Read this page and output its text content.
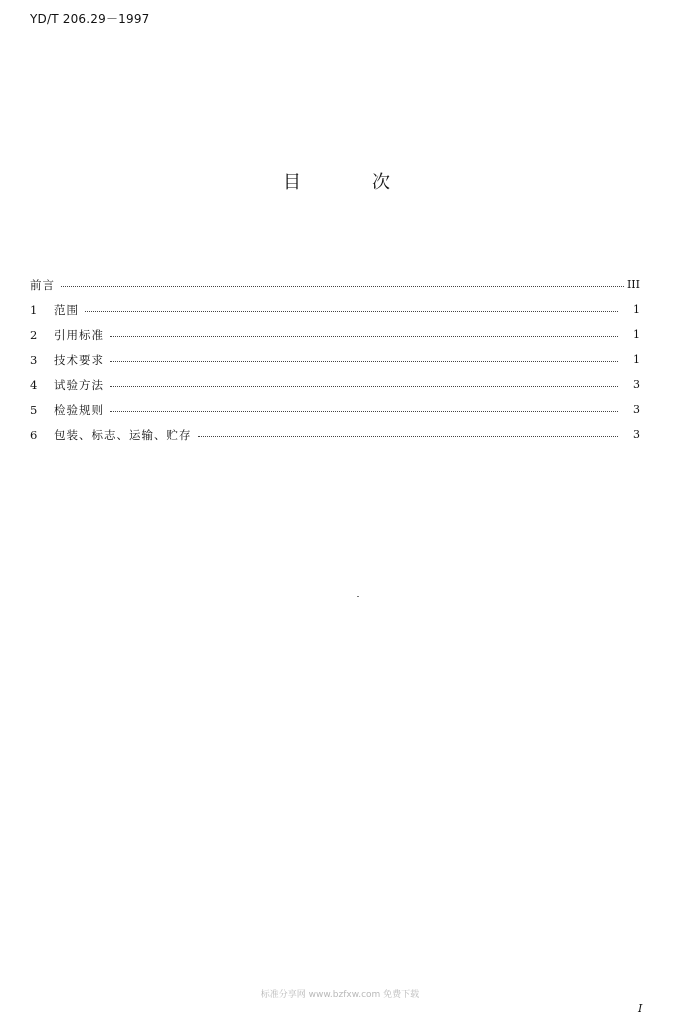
YD/T 206.29－1997
目	次
前言	III
1	范围	1
2	引用标准	1
3	技术要求	1
4	试验方法	3
5	检验规则	3
6	包装、标志、运输、贮存	3
标准分享网 www.bzfxw.com 免费下载
I
